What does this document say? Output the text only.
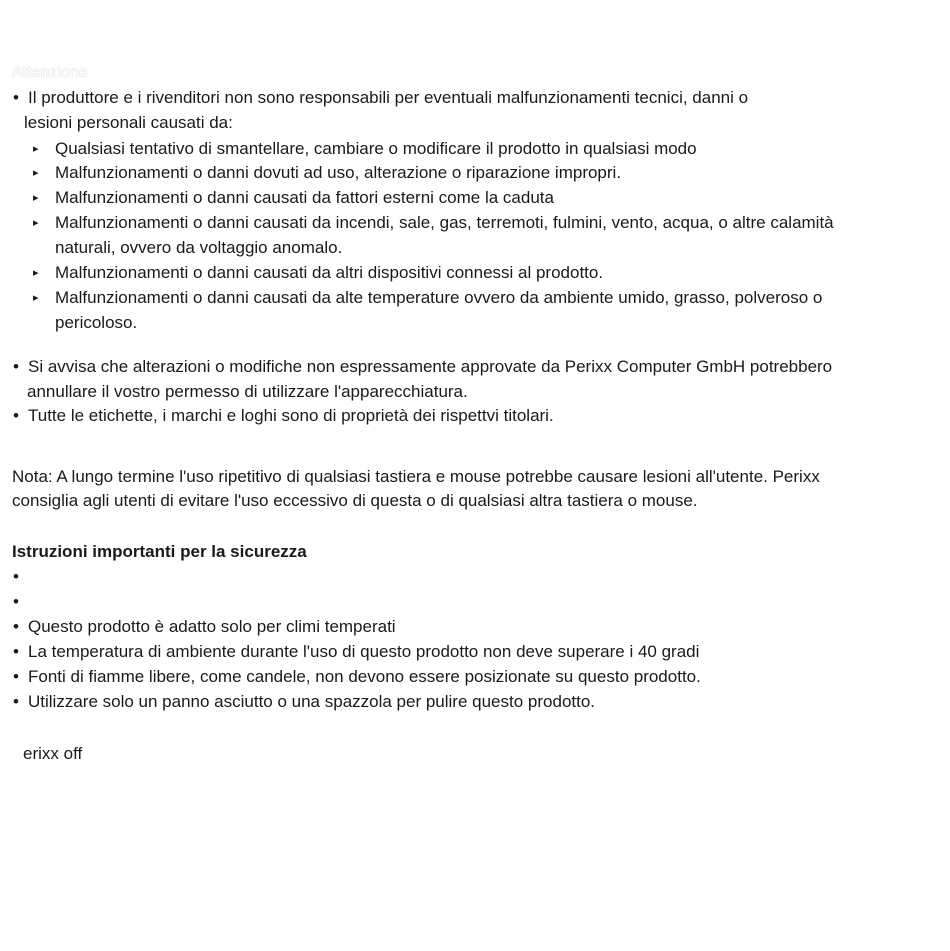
Attenzione
• Il produttore e i rivenditori non sono responsabili per eventuali malfunzionamenti tecnici, danni o
lesioni personali causati da:
▸ Qualsiasi tentativo di smantellare, cambiare o modificare il prodotto in qualsiasi modo
▸ Malfunzionamenti o danni dovuti ad uso, alterazione o riparazione impropri.
▸ Malfunzionamenti o danni causati da fattori esterni come la caduta
▸ Malfunzionamenti o danni causati da incendi, sale, gas, terremoti, fulmini, vento, acqua, o altre calamità
naturali, ovvero da voltaggio anomalo.
▸ Malfunzionamenti o danni causati da altri dispositivi connessi al prodotto.
▸ Malfunzionamenti o danni causati da alte temperature ovvero da ambiente umido, grasso, polveroso o
pericoloso.
• Si avvisa che alterazioni o modifiche non espressamente approvate da Perixx Computer GmbH potrebbero
annullare il vostro permesso di utilizzare l'apparecchiatura.
• Tutte le etichette, i marchi e loghi sono di proprietà dei rispettvi titolari.
Nota: A lungo termine l'uso ripetitivo di qualsiasi tastiera e mouse potrebbe causare lesioni all'utente. Perixx
consiglia agli utenti di evitare l'uso eccessivo di questa o di qualsiasi altra tastiera o mouse.
Istruzioni importanti per la sicurezza
•
•
• Questo prodotto è adatto solo per climi temperati
• La temperatura di ambiente durante l'uso di questo prodotto non deve superare i 40 gradi
• Fonti di fiamme libere, come candele, non devono essere posizionate su questo prodotto.
• Utilizzare solo un panno asciutto o una spazzola per pulire questo prodotto.
erixx off
